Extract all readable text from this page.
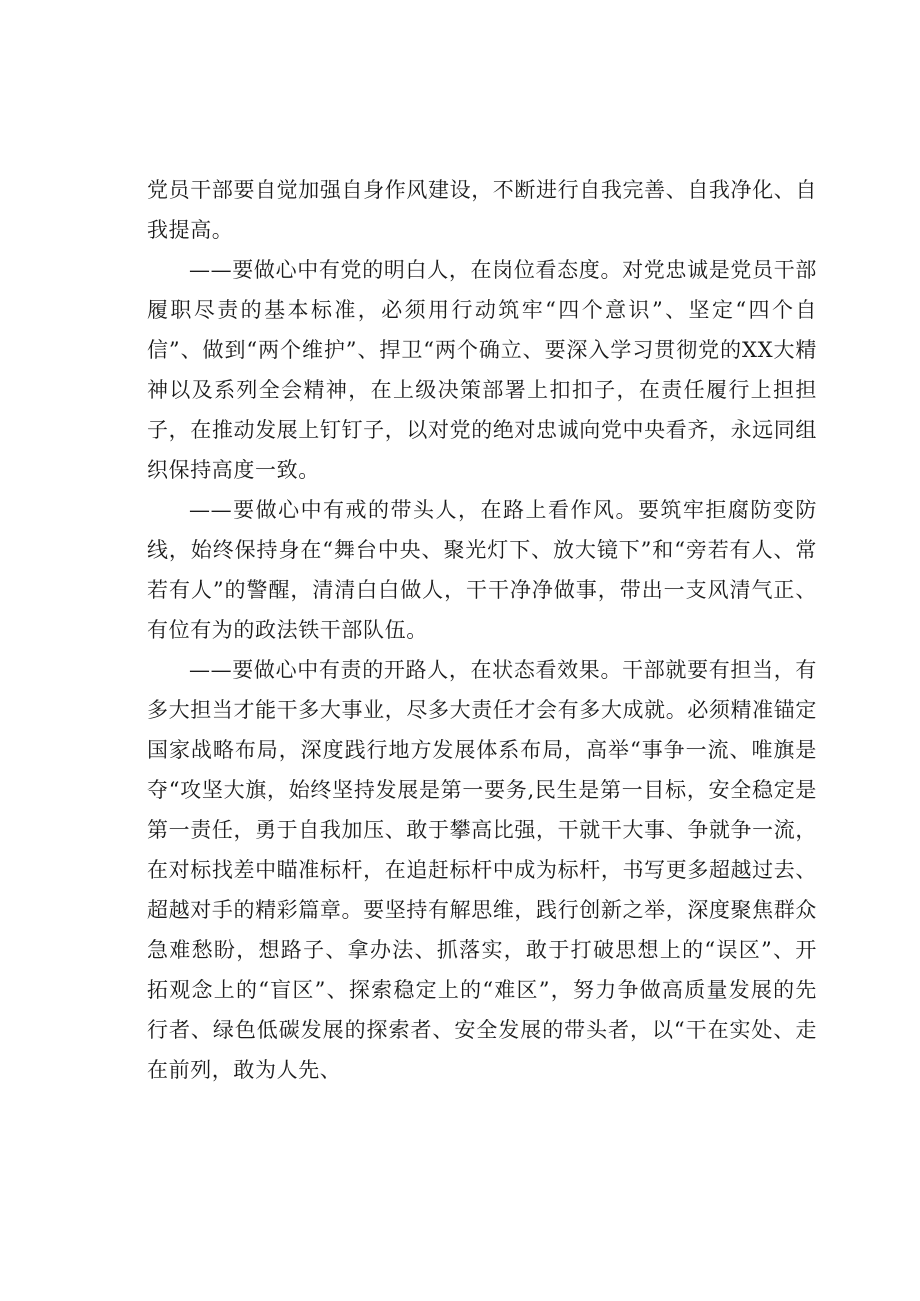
党员干部要自觉加强自身作风建设，不断进行自我完善、自我净化、自我提高。

——要做心中有党的明白人，在岗位看态度。对党忠诚是党员干部履职尽责的基本标准，必须用行动筑牢“四个意识”、坚定“四个自信”、做到“两个维护”、捍卫“两个确立、要深入学习贯彻党的XX大精神以及系列全会精神，在上级决策部署上扣扣子，在责任履行上担担子，在推动发展上钉钉子，以对党的绝对忠诚向党中央看齐，永远同组织保持高度一致。

——要做心中有戒的带头人，在路上看作风。要筑牢拒腐防变防线，始终保持身在“舞台中央、聚光灯下、放大镜下”和“旁若有人、常若有人”的警醒，清清白白做人，干干净净做事，带出一支风清气正、有位有为的政法铁干部队伍。

——要做心中有责的开路人，在状态看效果。干部就要有担当，有多大担当才能干多大事业，尽多大责任才会有多大成就。必须精准锚定国家战略布局，深度践行地方发展体系布局，高举“事争一流、唯旗是夺“攻坚大旗，始终坚持发展是第一要务,民生是第一目标，安全稳定是第一责任，勇于自我加压、敢于攀高比强，干就干大事、争就争一流，在对标找差中瞄准标杆，在追赶标杆中成为标杆，书写更多超越过去、超越对手的精彩篇章。要坚持有解思维，践行创新之举，深度聚焦群众急难愁盼，想路子、拿办法、抓落实，敢于打破思想上的“误区”、开拓观念上的“盲区”、探索稳定上的“难区”，努力争做高质量发展的先行者、绿色低碳发展的探索者、安全发展的带头者，以“干在实处、走在前列，敢为人先、
